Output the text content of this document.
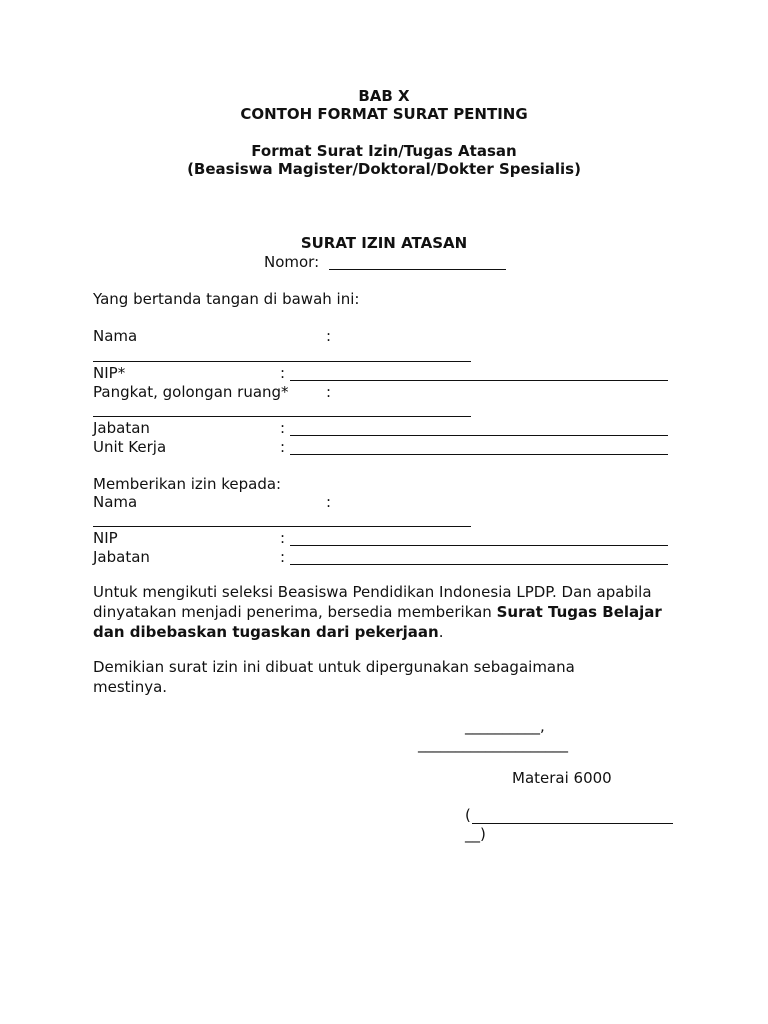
BAB X
CONTOH FORMAT SURAT PENTING
Format Surat Izin/Tugas Atasan
(Beasiswa Magister/Doktoral/Dokter Spesialis)
SURAT IZIN ATASAN
Nomor:
Yang bertanda tangan di bawah ini:
Nama	:
NIP*	:
Pangkat, golongan ruang* :
Jabatan	:
Unit Kerja	:
Memberikan izin kepada:
Nama	:
NIP	:
Jabatan	:
Untuk mengikuti seleksi Beasiswa Pendidikan Indonesia LPDP. Dan apabila dinyatakan menjadi penerima, bersedia memberikan Surat Tugas Belajar dan dibebaskan tugaskan dari pekerjaan.
Demikian surat izin ini dibuat untuk dipergunakan sebagaimana mestinya.
__________,
____________________
Materai 6000
(
__)
